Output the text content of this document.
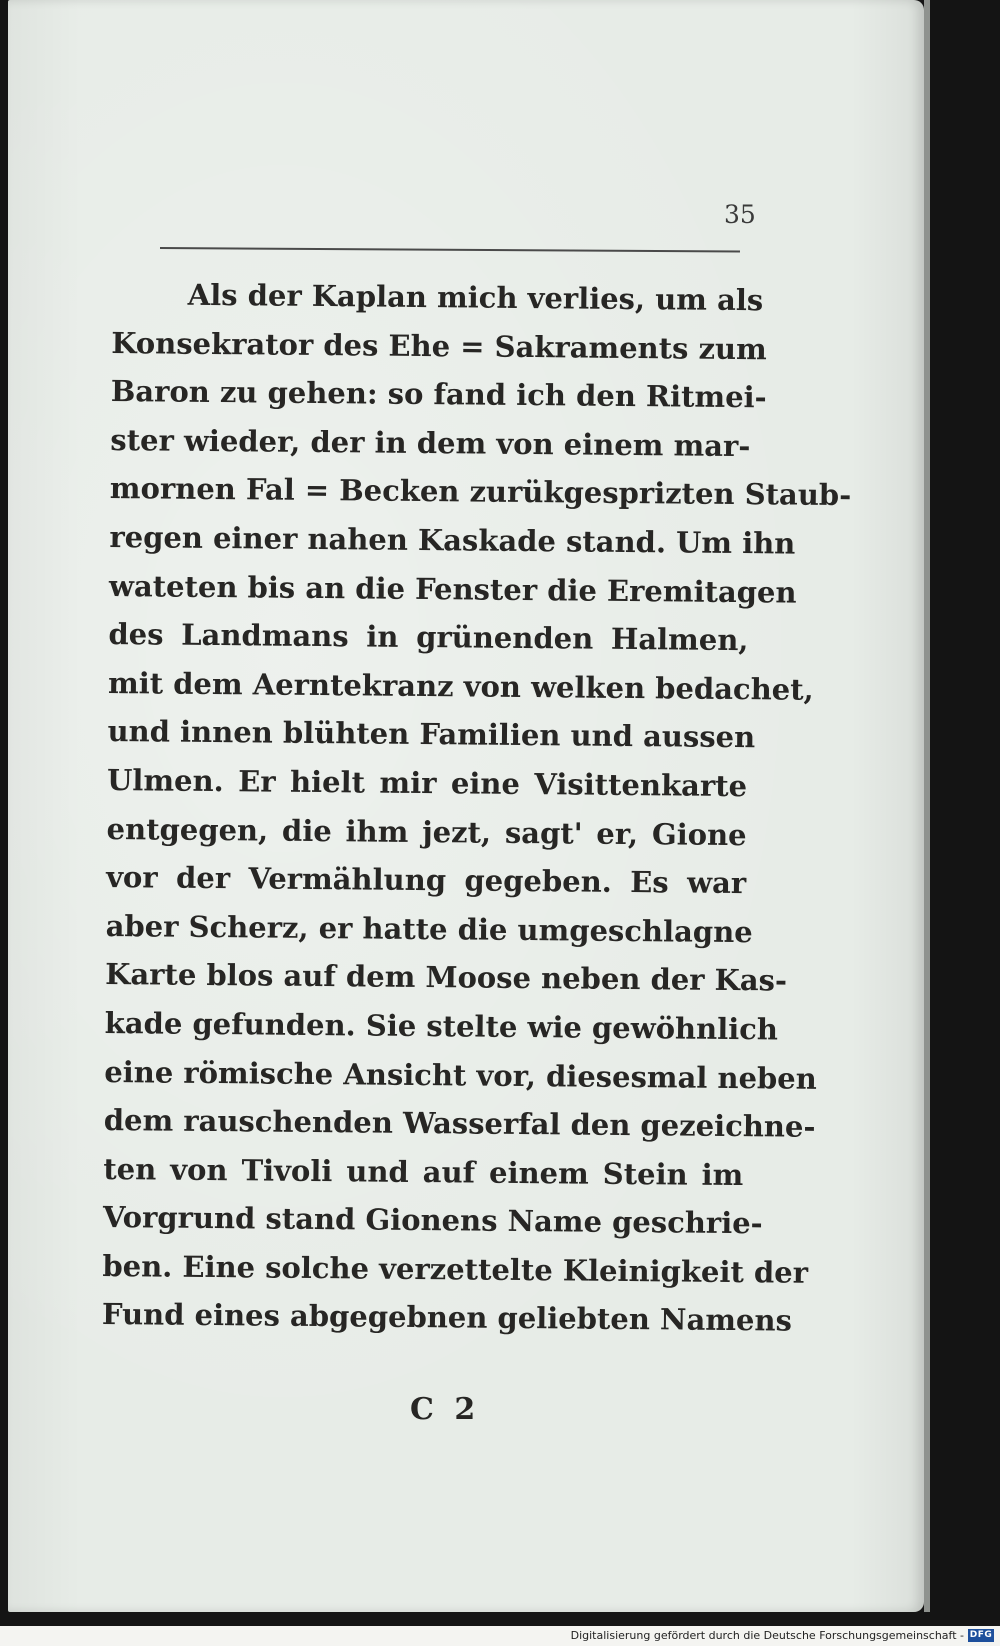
35
Als der Kaplan mich verlies, um als
Konsekrator des Ehe = Sakraments zum
Baron zu gehen: so fand ich den Ritmei-
ster wieder, der in dem von einem mar-
mornen Fal = Becken zurükgesprizten Staub-
regen einer nahen Kaskade stand. Um ihn
wateten bis an die Fenster die Eremitagen
des Landmans in grünenden Halmen,
mit dem Aerntekranz von welken bedachet,
und innen blühten Familien und aussen
Ulmen. Er hielt mir eine Visittenkarte
entgegen, die ihm jezt, sagt' er, Gione
vor der Vermählung gegeben. Es war
aber Scherz, er hatte die umgeschlagne
Karte blos auf dem Moose neben der Kas-
kade gefunden. Sie stelte wie gewöhnlich
eine römische Ansicht vor, diesesmal neben
dem rauschenden Wasserfal den gezeichne-
ten von Tivoli und auf einem Stein im
Vorgrund stand Gionens Name geschrie-
ben. Eine solche verzettelte Kleinigkeit der
Fund eines abgegebnen geliebten Namens
C 2
Digitalisierung gefördert durch die Deutsche Forschungsgemeinschaft - DFG
